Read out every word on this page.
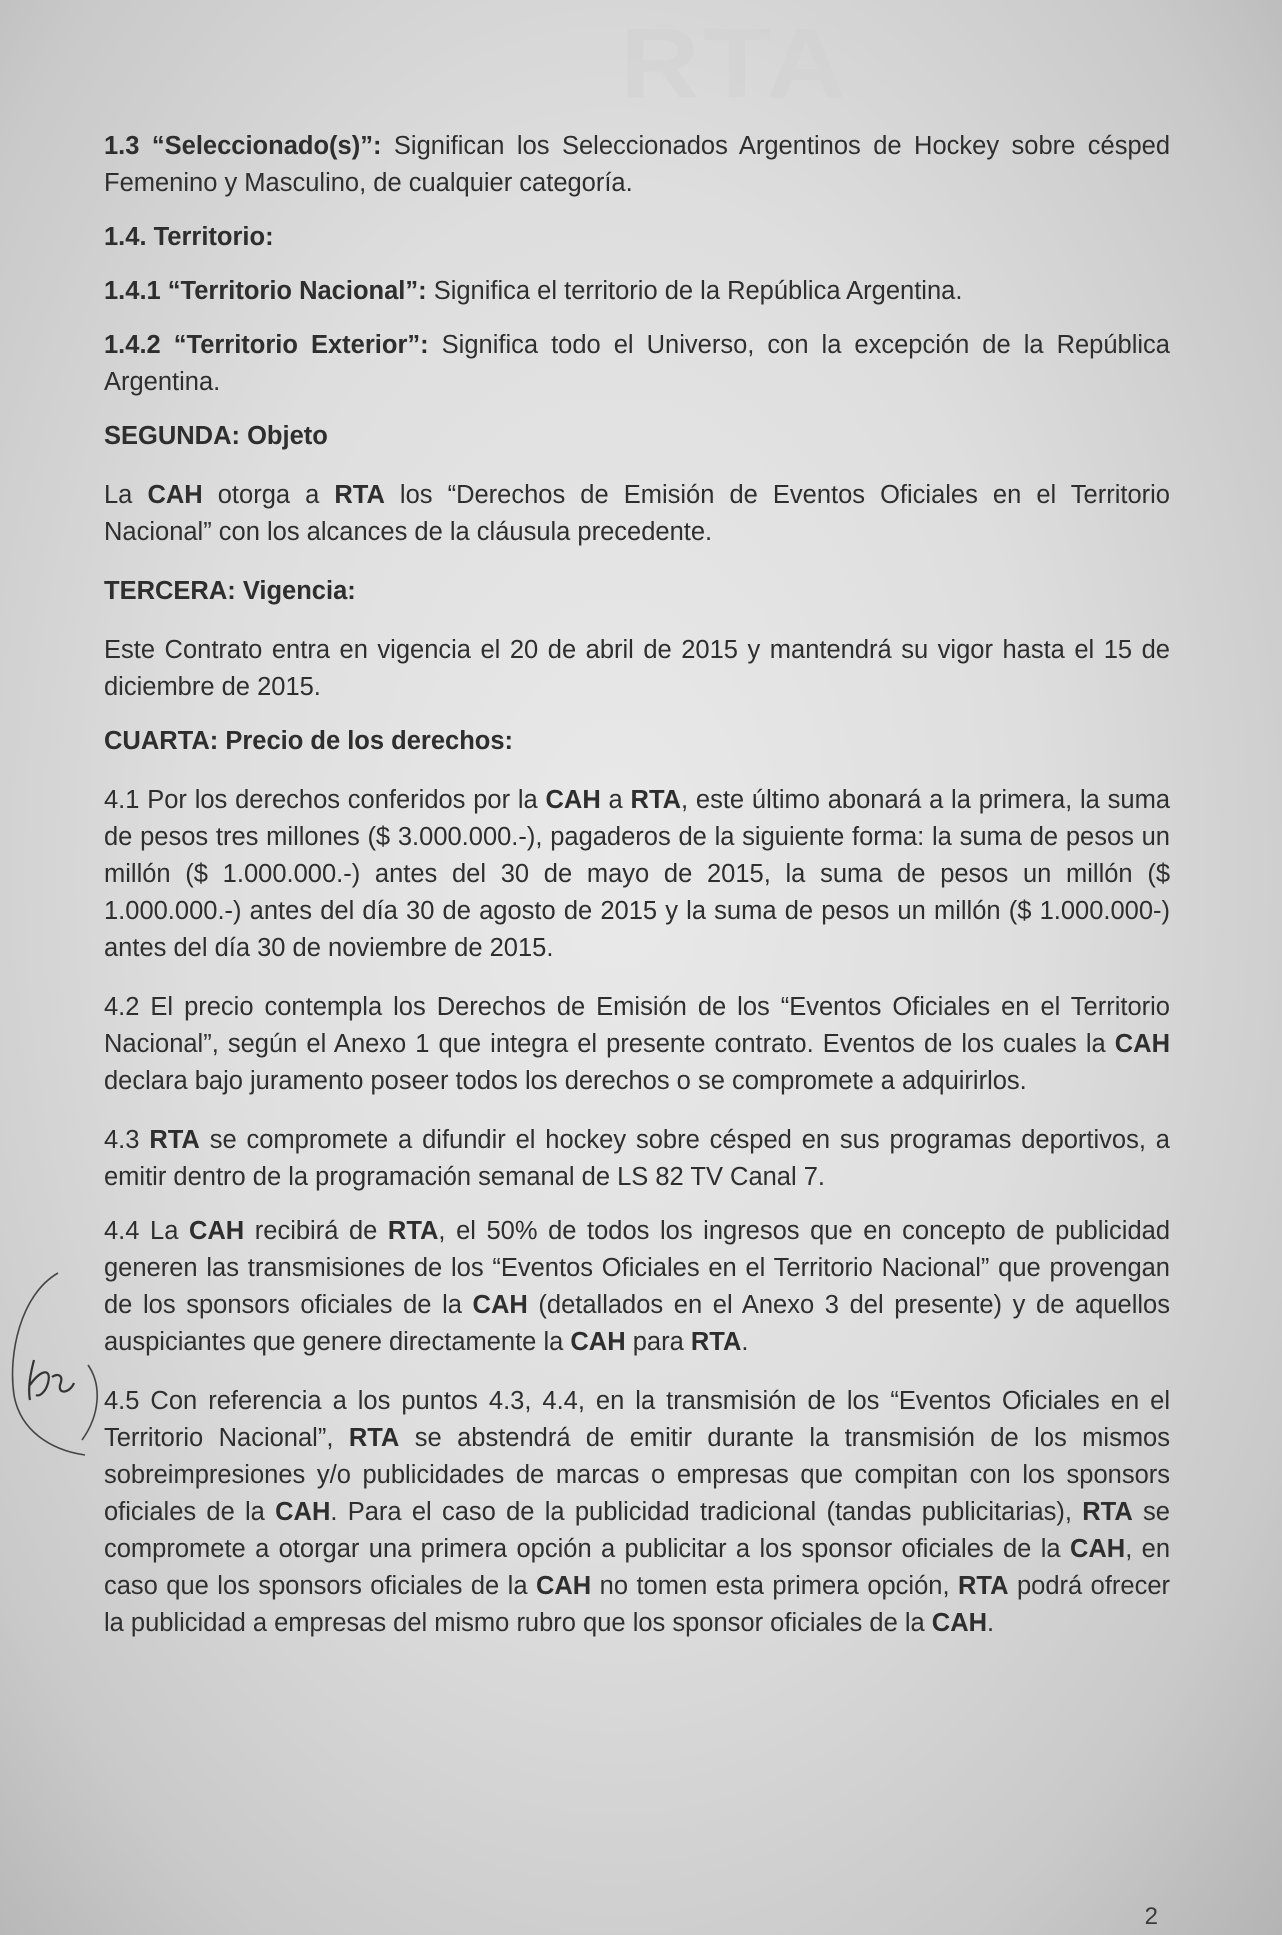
RTA

1.3 “Seleccionado(s)”: Significan los Seleccionados Argentinos de Hockey sobre césped Femenino y Masculino, de cualquier categoría.

1.4. Territorio:

1.4.1 “Territorio Nacional”: Significa el territorio de la República Argentina.

1.4.2 “Territorio Exterior”: Significa todo el Universo, con la excepción de la República Argentina.

SEGUNDA: Objeto

La CAH otorga a RTA los “Derechos de Emisión de Eventos Oficiales en el Territorio Nacional” con los alcances de la cláusula precedente.

TERCERA: Vigencia:

Este Contrato entra en vigencia el 20 de abril de 2015 y mantendrá su vigor hasta el 15 de diciembre de 2015.

CUARTA: Precio de los derechos:

4.1 Por los derechos conferidos por la CAH a RTA, este último abonará a la primera, la suma de pesos tres millones ($ 3.000.000.-), pagaderos de la siguiente forma: la suma de pesos un millón ($ 1.000.000.-) antes del 30 de mayo de 2015, la suma de pesos un millón ($ 1.000.000.-) antes del día 30 de agosto de 2015 y la suma de pesos un millón ($ 1.000.000-) antes del día 30 de noviembre de 2015.

4.2 El precio contempla los Derechos de Emisión de los “Eventos Oficiales en el Territorio Nacional”, según el Anexo 1 que integra el presente contrato. Eventos de los cuales la CAH declara bajo juramento poseer todos los derechos o se compromete a adquirirlos.

4.3 RTA se compromete a difundir el hockey sobre césped en sus programas deportivos, a emitir dentro de la programación semanal de LS 82 TV Canal 7.

4.4 La CAH recibirá de RTA, el 50% de todos los ingresos que en concepto de publicidad generen las transmisiones de los “Eventos Oficiales en el Territorio Nacional” que provengan de los sponsors oficiales de la CAH (detallados en el Anexo 3 del presente) y de aquellos auspiciantes que genere directamente la CAH para RTA.

4.5 Con referencia a los puntos 4.3, 4.4, en la transmisión de los “Eventos Oficiales en el Territorio Nacional”, RTA se abstendrá de emitir durante la transmisión de los mismos sobreimpresiones y/o publicidades de marcas o empresas que compitan con los sponsors oficiales de la CAH. Para el caso de la publicidad tradicional (tandas publicitarias), RTA se compromete a otorgar una primera opción a publicitar a los sponsor oficiales de la CAH, en caso que los sponsors oficiales de la CAH no tomen esta primera opción, RTA podrá ofrecer la publicidad a empresas del mismo rubro que los sponsor oficiales de la CAH.

2
